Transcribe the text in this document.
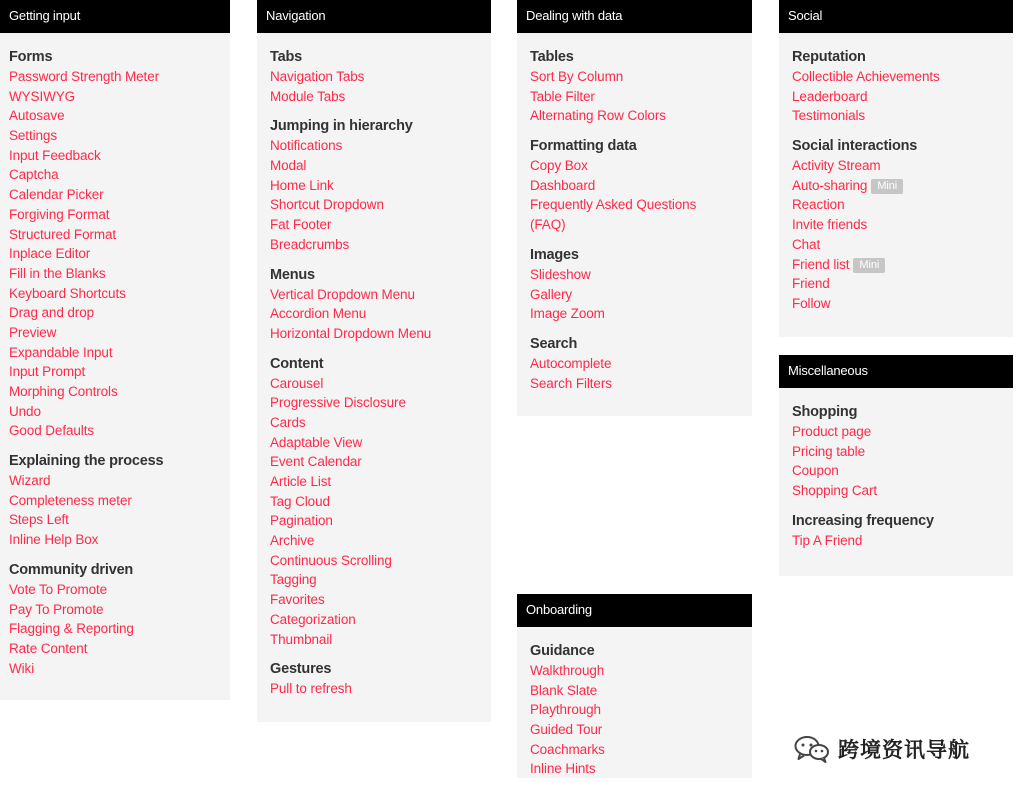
Getting input
Forms
Password Strength Meter
WYSIWYG
Autosave
Settings
Input Feedback
Captcha
Calendar Picker
Forgiving Format
Structured Format
Inplace Editor
Fill in the Blanks
Keyboard Shortcuts
Drag and drop
Preview
Expandable Input
Input Prompt
Morphing Controls
Undo
Good Defaults
Explaining the process
Wizard
Completeness meter
Steps Left
Inline Help Box
Community driven
Vote To Promote
Pay To Promote
Flagging & Reporting
Rate Content
Wiki
Navigation
Tabs
Navigation Tabs
Module Tabs
Jumping in hierarchy
Notifications
Modal
Home Link
Shortcut Dropdown
Fat Footer
Breadcrumbs
Menus
Vertical Dropdown Menu
Accordion Menu
Horizontal Dropdown Menu
Content
Carousel
Progressive Disclosure
Cards
Adaptable View
Event Calendar
Article List
Tag Cloud
Pagination
Archive
Continuous Scrolling
Tagging
Favorites
Categorization
Thumbnail
Gestures
Pull to refresh
Dealing with data
Tables
Sort By Column
Table Filter
Alternating Row Colors
Formatting data
Copy Box
Dashboard
Frequently Asked Questions
(FAQ)
Images
Slideshow
Gallery
Image Zoom
Search
Autocomplete
Search Filters
Onboarding
Guidance
Walkthrough
Blank Slate
Playthrough
Guided Tour
Coachmarks
Inline Hints
Social
Reputation
Collectible Achievements
Leaderboard
Testimonials
Social interactions
Activity Stream
Auto-sharing Mini
Reaction
Invite friends
Chat
Friend list Mini
Friend
Follow
Miscellaneous
Shopping
Product page
Pricing table
Coupon
Shopping Cart
Increasing frequency
Tip A Friend
跨境资讯导航
